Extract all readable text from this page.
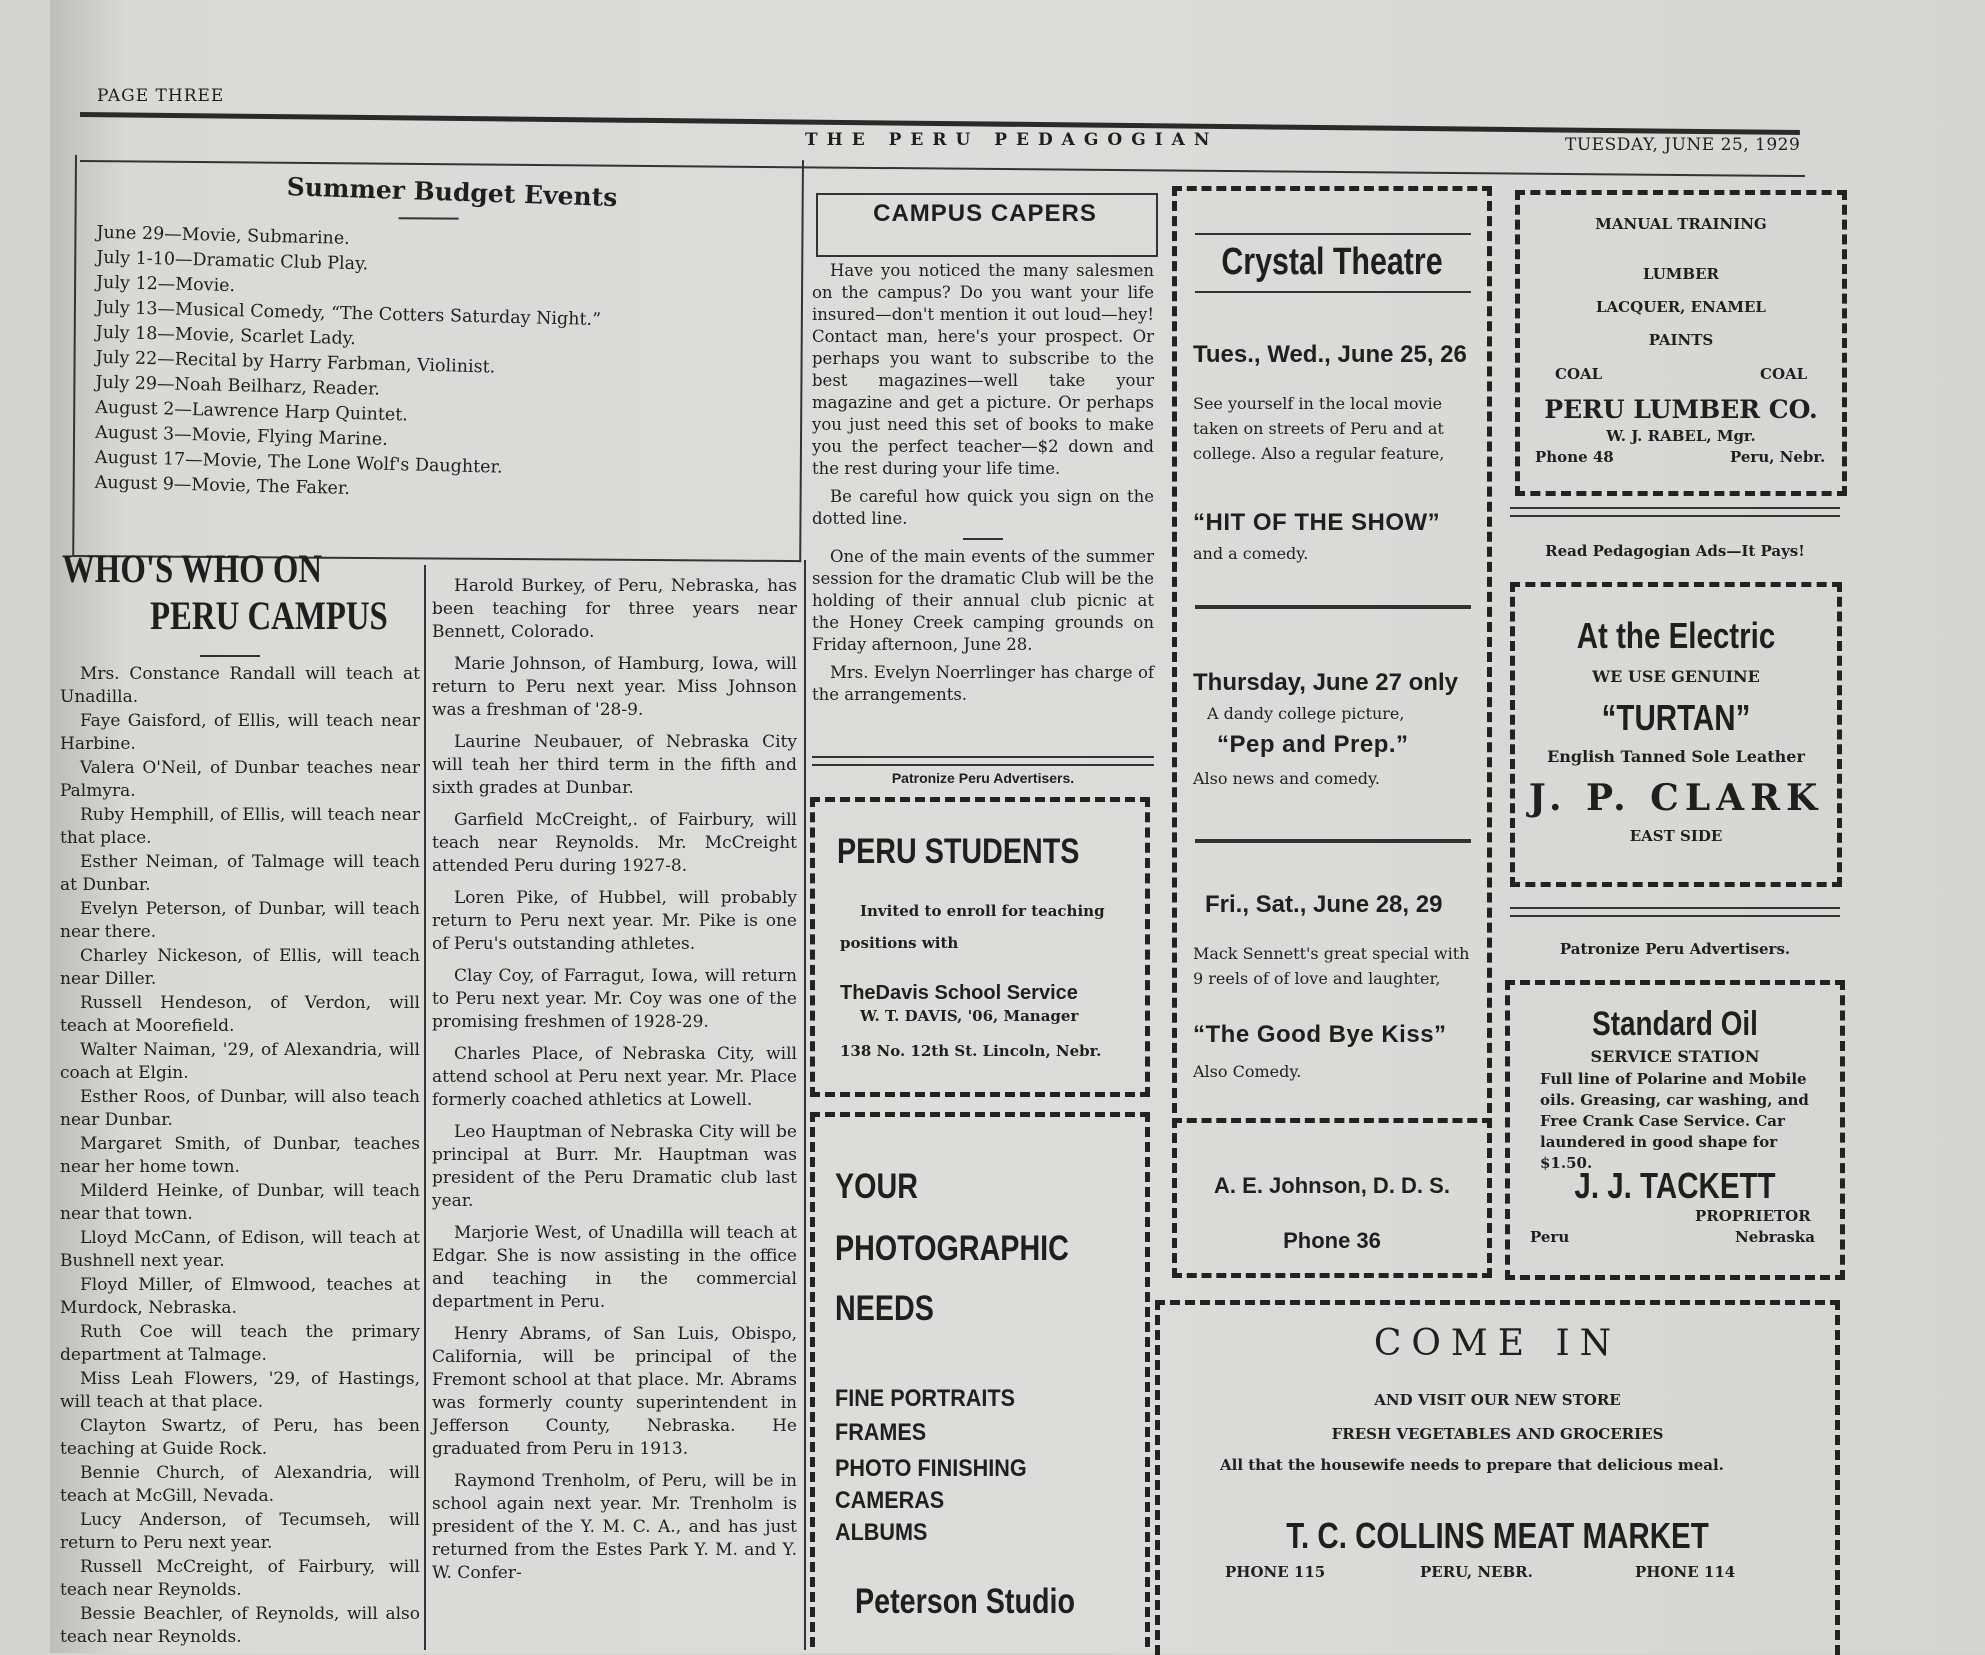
PAGE THREE
THE PERU PEDAGOGIAN	TUESDAY, JUNE 25, 1929
Summer Budget Events
June 29—Movie, Submarine.
July 1-10—Dramatic Club Play.
July 12—Movie.
July 13—Musical Comedy, “The Cotters Saturday Night.”
July 18—Movie, Scarlet Lady.
July 22—Recital by Harry Farbman, Violinist.
July 29—Noah Beilharz, Reader.
August 2—Lawrence Harp Quintet.
August 3—Movie, Flying Marine.
August 17—Movie, The Lone Wolf's Daughter.
August 9—Movie, The Faker.
WHO'S WHO ON
PERU CAMPUS

Mrs. Constance Randall will teach at Unadilla.

Faye Gaisford, of Ellis, will teach near Harbine.

Valera O'Neil, of Dunbar teaches near Palmyra.

Ruby Hemphill, of Ellis, will teach near that place.

Esther Neiman, of Talmage will teach at Dunbar.

Evelyn Peterson, of Dunbar, will teach near there.

Charley Nickeson, of Ellis, will teach near Diller.

Russell Hendeson, of Verdon, will teach at Moorefield.

Walter Naiman, '29, of Alexandria, will coach at Elgin.

Esther Roos, of Dunbar, will also teach near Dunbar.

Margaret Smith, of Dunbar, teaches near her home town.

Milderd Heinke, of Dunbar, will teach near that town.

Lloyd McCann, of Edison, will teach at Bushnell next year.

Floyd Miller, of Elmwood, teaches at Murdock, Nebraska.

Ruth Coe will teach the primary department at Talmage.

Miss Leah Flowers, '29, of Hastings, will teach at that place.

Clayton Swartz, of Peru, has been teaching at Guide Rock.

Bennie Church, of Alexandria, will teach at McGill, Nevada.

Lucy Anderson, of Tecumseh, will return to Peru next year.

Russell McCreight, of Fairbury, will teach near Reynolds.

Bessie Beachler, of Reynolds, will also teach near Reynolds.

Harold Burkey, of Peru, Nebraska, has been teaching for three years near Bennett, Colorado.

Marie Johnson, of Hamburg, Iowa, will return to Peru next year. Miss Johnson was a freshman of '28-9.

Laurine Neubauer, of Nebraska City will teah her third term in the fifth and sixth grades at Dunbar.

Garfield McCreight,. of Fairbury, will teach near Reynolds. Mr. McCreight attended Peru during 1927-8.

Loren Pike, of Hubbel, will probably return to Peru next year. Mr. Pike is one of Peru's outstanding athletes.

Clay Coy, of Farragut, Iowa, will return to Peru next year. Mr. Coy was one of the promising freshmen of 1928-29.

Charles Place, of Nebraska City, will attend school at Peru next year. Mr. Place formerly coached athletics at Lowell.

Leo Hauptman of Nebraska City will be principal at Burr. Mr. Hauptman was president of the Peru Dramatic club last year.

Marjorie West, of Unadilla will teach at Edgar. She is now assisting in the office and teaching in the commercial department in Peru.

Henry Abrams, of San Luis, Obispo, California, will be principal of the Fremont school at that place. Mr. Abrams was formerly county superintendent in Jefferson County, Nebraska. He graduated from Peru in 1913.

Raymond Trenholm, of Peru, will be in school again next year. Mr. Trenholm is president of the Y. M. C. A., and has just returned from the Estes Park Y. M. and Y. W. Confer-

CAMPUS CAPERS

Have you noticed the many salesmen on the campus? Do you want your life insured—don't mention it out loud—hey! Contact man, here's your prospect. Or perhaps you want to subscribe to the best magazines—well take your magazine and get a picture. Or perhaps you just need this set of books to make you the perfect teacher—$2 down and the rest during your life time.

Be careful how quick you sign on the dotted line.

One of the main events of the summer session for the dramatic Club will be the holding of their annual club picnic at the Honey Creek camping grounds on Friday afternoon, June 28.

Mrs. Evelyn Noerrlinger has charge of the arrangements.

Patronize Peru Advertisers.
PERU STUDENTS
Invited to enroll for teaching
positions with
TheDavis School Service
W. T. DAVIS, '06, Manager
138 No. 12th St. Lincoln, Nebr.
YOUR
PHOTOGRAPHIC
NEEDS
FINE PORTRAITS
FRAMES
PHOTO FINISHING
CAMERAS
ALBUMS
Peterson Studio
Crystal Theatre
Tues., Wed., June 25, 26
See yourself in the local movie taken on streets of Peru and at college. Also a regular feature,
“HIT OF THE SHOW”
and a comedy.
Thursday, June 27 only
A dandy college picture,
“Pep and Prep.”
Also news and comedy.
Fri., Sat., June 28, 29
Mack Sennett's great special with 9 reels of of love and laughter,
“The Good Bye Kiss”
Also Comedy.
A. E. Johnson, D. D. S.
Phone 36
MANUAL TRAINING
LUMBER
LACQUER, ENAMEL
PAINTS
COAL	COAL
PERU LUMBER CO.
W. J. RABEL, Mgr.
Phone 48	Peru, Nebr.
Read Pedagogian Ads—It Pays!
At the Electric
WE USE GENUINE
“TURTAN”
English Tanned Sole Leather
J. P. CLARK
EAST SIDE
Patronize Peru Advertisers.
Standard Oil
SERVICE STATION
Full line of Polarine and Mobile oils. Greasing, car washing, and Free Crank Case Service. Car laundered in good shape for $1.50.
J. J. TACKETT
PROPRIETOR
Peru	Nebraska
COME IN
AND VISIT OUR NEW STORE
FRESH VEGETABLES AND GROCERIES
All that the housewife needs to prepare that delicious meal.
T. C. COLLINS MEAT MARKET
PHONE 115	PERU, NEBR.	PHONE 114
